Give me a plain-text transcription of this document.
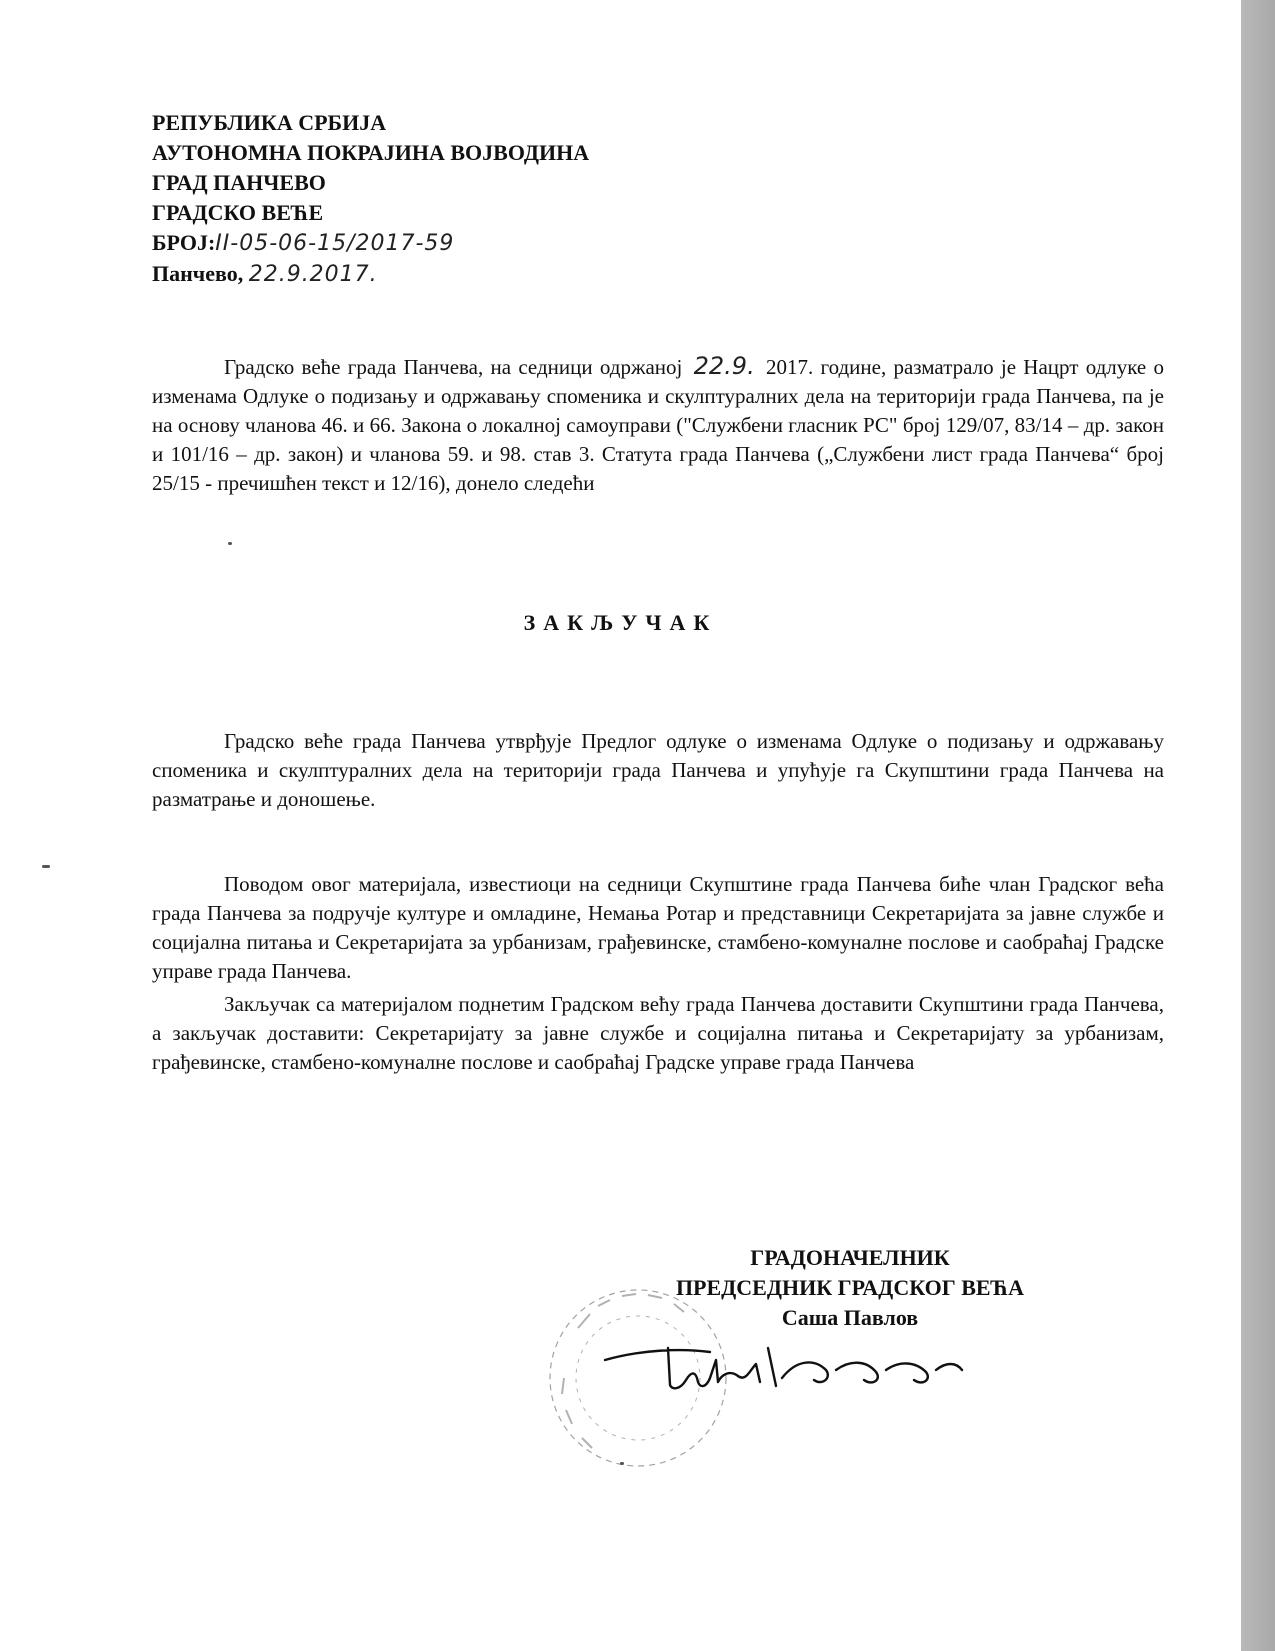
РЕПУБЛИКА СРБИЈА
АУТОНОМНА ПОКРАЈИНА ВОЈВОДИНА
ГРАД ПАНЧЕВО
ГРАДСКО ВЕЋЕ
БРОЈ:II-05-06-15/2017-59
Панчево, 22.9.2017.

Градско веће града Панчева, на седници одржаној 22.9. 2017. године, разматрало је Нацрт одлуке о изменама Одлуке о подизању и одржавању споменика и скулптуралних дела на територији града Панчева, па је на основу чланова 46. и 66. Закона о локалној самоуправи ("Службени гласник РС" број 129/07, 83/14 – др. закон и 101/16 – др. закон) и чланова 59. и 98. став 3. Статута града Панчева („Службени лист града Панчева“ број 25/15 - пречишћен текст и 12/16), донело следећи

ЗАКЉУЧАК

Градско веће града Панчева утврђује Предлог одлуке о изменама Одлуке о подизању и одржавању споменика и скулптуралних дела на територији града Панчева и упућује га Скупштини града Панчева на разматрање и доношење.

Поводом овог материјала, известиоци на седници Скупштине града Панчева биће члан Градског већа града Панчева за подручје културе и омладине, Немања Ротар и представници Секретаријата за јавне службе и социјална питања и Секретаријата за урбанизам, грађевинске, стамбено-комуналне послове и саобраћај Градске управе града Панчева.

Закључак са материјалом поднетим Градском већу града Панчева доставити Скупштини града Панчева, а закључак доставити: Секретаријату за јавне службе и социјална питања и Секретаријату за урбанизам, грађевинске, стамбено-комуналне послове и саобраћај Градске управе града Панчева

ГРАДОНАЧЕЛНИК
ПРЕДСЕДНИК ГРАДСКОГ ВЕЋА
Саша Павлов
